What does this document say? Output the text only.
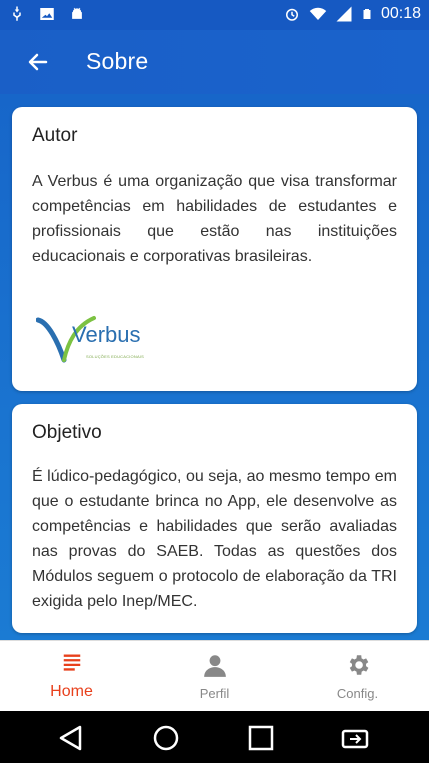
00:18
Sobre
Autor
A Verbus é uma organização que visa transformar competências em habilidades de estudantes e profissionais que estão nas instituições educacionais e corporativas brasileiras.
Verbus
SOLUÇÕES EDUCACIONAIS
Objetivo
É lúdico-pedagógico, ou seja, ao mesmo tempo em que o estudante brinca no App, ele desenvolve as competências e habilidades que serão avaliadas nas provas do SAEB. Todas as questões dos Módulos seguem o protocolo de elaboração da TRI exigida pelo Inep/MEC.
Home	Perfil	Config.
